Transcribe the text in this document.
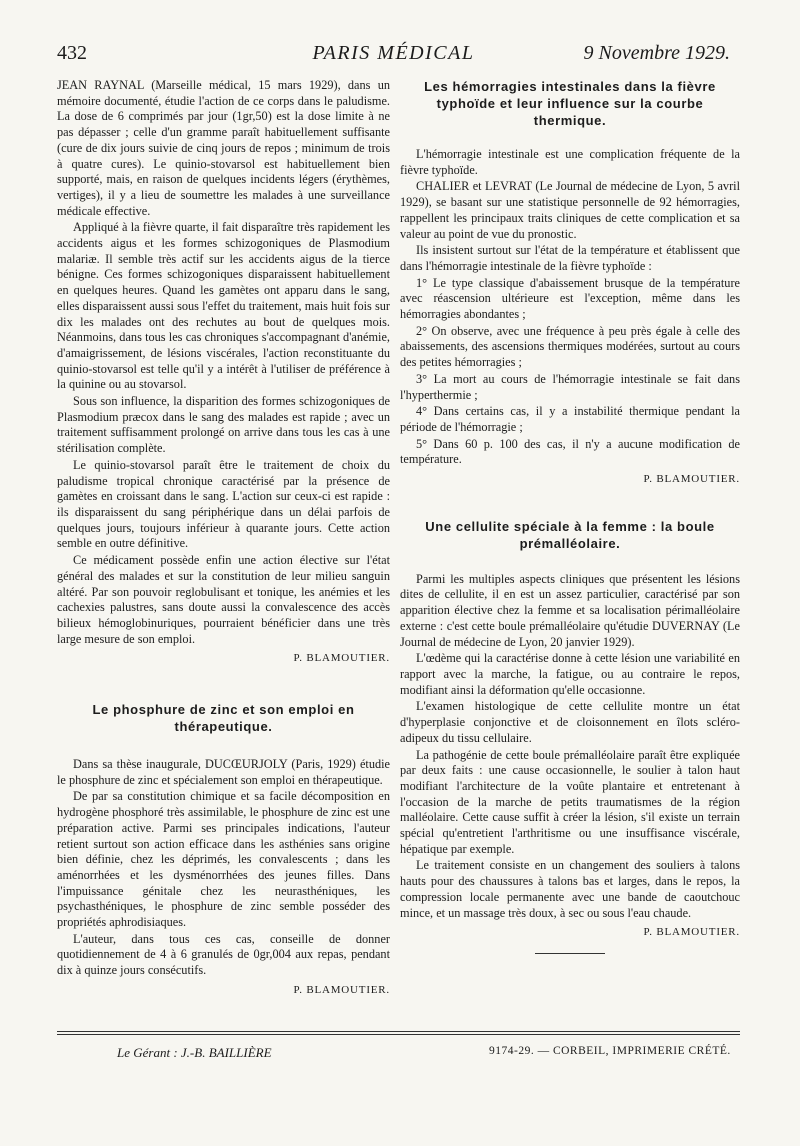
432	PARIS MÉDICAL	9 Novembre 1929.

JEAN RAYNAL (Marseille médical, 15 mars 1929), dans un mémoire documenté, étudie l'action de ce corps dans le paludisme. La dose de 6 comprimés par jour (1gr,50) est la dose limite à ne pas dépasser ; celle d'un gramme paraît habituellement suffisante (cure de dix jours suivie de cinq jours de repos ; minimum de trois à quatre cures). Le quinio-stovarsol est habituellement bien supporté, mais, en raison de quelques incidents légers (érythèmes, vertiges), il y a lieu de soumettre les malades à une surveillance médicale effective.

Appliqué à la fièvre quarte, il fait disparaître très rapidement les accidents aigus et les formes schizogoniques de Plasmodium malariæ. Il semble très actif sur les accidents aigus de la tierce bénigne. Ces formes schizogoniques disparaissent habituellement en quelques heures. Quand les gamètes ont apparu dans le sang, elles disparaissent aussi sous l'effet du traitement, mais huit fois sur dix les malades ont des rechutes au bout de quelques mois. Néanmoins, dans tous les cas chroniques s'accompagnant d'anémie, d'amaigrissement, de lésions viscérales, l'action reconstituante du quinio-stovarsol est telle qu'il y a intérêt à l'utiliser de préférence à la quinine ou au stovarsol.

Sous son influence, la disparition des formes schizogoniques de Plasmodium præcox dans le sang des malades est rapide ; avec un traitement suffisamment prolongé on arrive dans tous les cas à une stérilisation complète.

Le quinio-stovarsol paraît être le traitement de choix du paludisme tropical chronique caractérisé par la présence de gamètes en croissant dans le sang. L'action sur ceux-ci est rapide : ils disparaissent du sang périphérique dans un délai parfois de quelques jours, toujours inférieur à quarante jours. Cette action semble en outre définitive.

Ce médicament possède enfin une action élective sur l'état général des malades et sur la constitution de leur milieu sanguin altéré. Par son pouvoir reglobulisant et tonique, les anémies et les cachexies palustres, sans doute aussi la convalescence des accès bilieux hémoglobinuriques, pourraient bénéficier dans une très large mesure de son emploi.

P. BLAMOUTIER.
Le phosphure de zinc et son emploi en thérapeutique.

Dans sa thèse inaugurale, DUCŒURJOLY (Paris, 1929) étudie le phosphure de zinc et spécialement son emploi en thérapeutique.

De par sa constitution chimique et sa facile décomposition en hydrogène phosphoré très assimilable, le phosphure de zinc est une préparation active. Parmi ses principales indications, l'auteur retient surtout son action efficace dans les asthénies sans origine bien définie, chez les déprimés, les convalescents ; dans les aménorrhées et les dysménorrhées des jeunes filles. Dans l'impuissance génitale chez les neurasthéniques, les psychasthéniques, le phosphure de zinc semble posséder des propriétés aphrodisiaques.

L'auteur, dans tous ces cas, conseille de donner quotidiennement de 4 à 6 granulés de 0gr,004 aux repas, pendant dix à quinze jours consécutifs.

P. BLAMOUTIER.
Les hémorragies intestinales dans la fièvre typhoïde et leur influence sur la courbe thermique.

L'hémorragie intestinale est une complication fréquente de la fièvre typhoïde.

CHALIER et LEVRAT (Le Journal de médecine de Lyon, 5 avril 1929), se basant sur une statistique personnelle de 92 hémorragies, rappellent les principaux traits cliniques de cette complication et sa valeur au point de vue du pronostic.

Ils insistent surtout sur l'état de la température et établissent que dans l'hémorragie intestinale de la fièvre typhoïde :

1° Le type classique d'abaissement brusque de la température avec réascension ultérieure est l'exception, même dans les hémorragies abondantes ;

2° On observe, avec une fréquence à peu près égale à celle des abaissements, des ascensions thermiques modérées, surtout au cours des petites hémorragies ;

3° La mort au cours de l'hémorragie intestinale se fait dans l'hyperthermie ;

4° Dans certains cas, il y a instabilité thermique pendant la période de l'hémorragie ;

5° Dans 60 p. 100 des cas, il n'y a aucune modification de température.

P. BLAMOUTIER.
Une cellulite spéciale à la femme : la boule prémalléolaire.

Parmi les multiples aspects cliniques que présentent les lésions dites de cellulite, il en est un assez particulier, caractérisé par son apparition élective chez la femme et sa localisation périmalléolaire externe : c'est cette boule prémalléolaire qu'étudie DUVERNAY (Le Journal de médecine de Lyon, 20 janvier 1929).

L'œdème qui la caractérise donne à cette lésion une variabilité en rapport avec la marche, la fatigue, ou au contraire le repos, modifiant ainsi la déformation qu'elle occasionne.

L'examen histologique de cette cellulite montre un état d'hyperplasie conjonctive et de cloisonnement en îlots scléro-adipeux du tissu cellulaire.

La pathogénie de cette boule prémalléolaire paraît être expliquée par deux faits : une cause occasionnelle, le soulier à talon haut modifiant l'architecture de la voûte plantaire et entretenant à l'occasion de la marche de petits traumatismes de la région malléolaire. Cette cause suffit à créer la lésion, s'il existe un terrain spécial qu'entretient l'arthritisme ou une insuffisance viscérale, hépatique par exemple.

Le traitement consiste en un changement des souliers à talons hauts pour des chaussures à talons bas et larges, dans le repos, la compression locale permanente avec une bande de caoutchouc mince, et un massage très doux, à sec ou sous l'eau chaude.

P. BLAMOUTIER.
Le Gérant : J.-B. BAILLIÈRE	9174-29. — CORBEIL, IMPRIMERIE CRÉTÉ.
